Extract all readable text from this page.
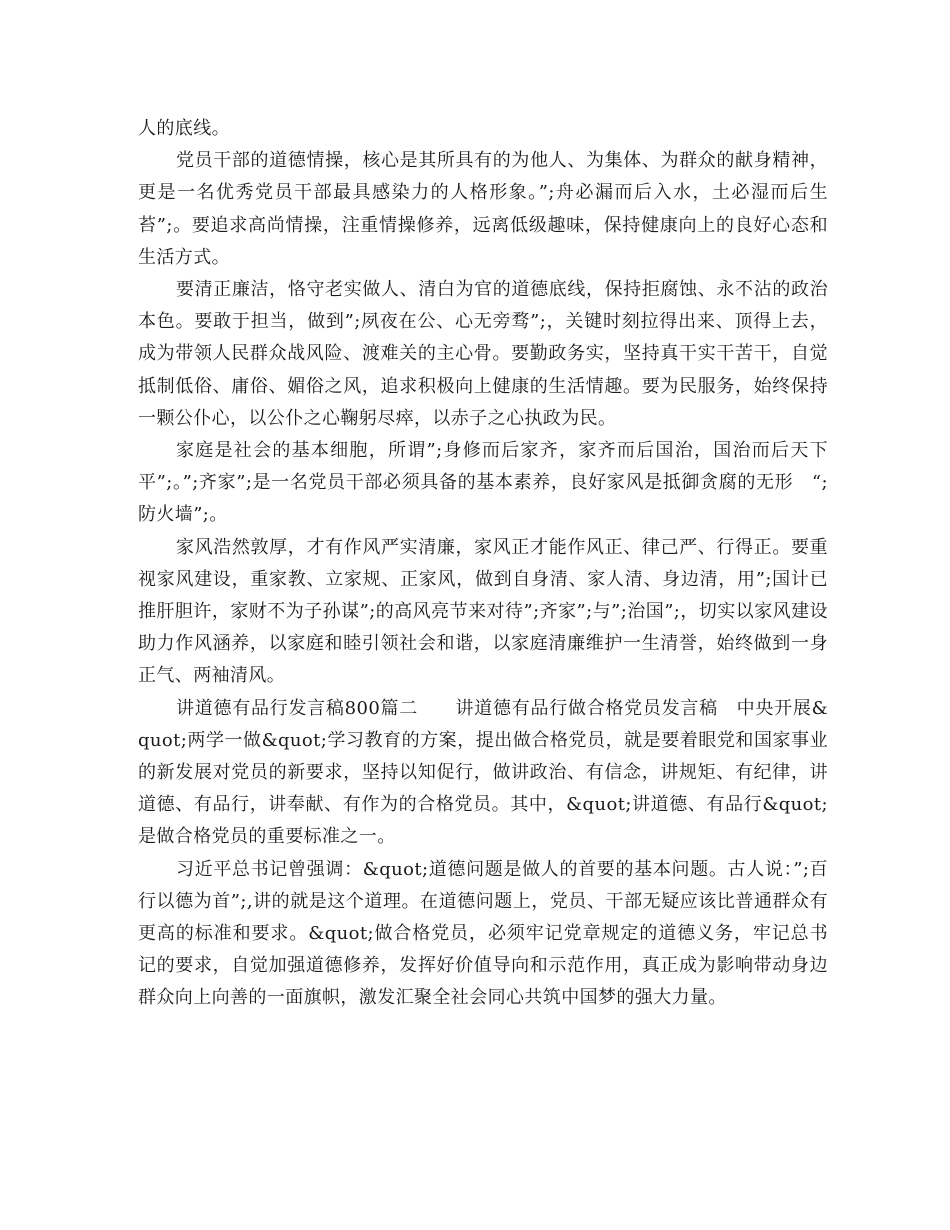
人的底线。

党员干部的道德情操，核心是其所具有的为他人、为集体、为群众的献身精神，更是一名优秀党员干部最具感染力的人格形象。”;舟必漏而后入水，土必湿而后生苔”;。要追求高尚情操，注重情操修养，远离低级趣味，保持健康向上的良好心态和生活方式。

要清正廉洁，恪守老实做人、清白为官的道德底线，保持拒腐蚀、永不沾的政治本色。要敢于担当，做到”;夙夜在公、心无旁骛”;，关键时刻拉得出来、顶得上去，成为带领人民群众战风险、渡难关的主心骨。要勤政务实，坚持真干实干苦干，自觉抵制低俗、庸俗、媚俗之风，追求积极向上健康的生活情趣。要为民服务，始终保持一颗公仆心，以公仆之心鞠躬尽瘁，以赤子之心执政为民。

家庭是社会的基本细胞，所谓”;身修而后家齐，家齐而后国治，国治而后天下平”;。”;齐家”;是一名党员干部必须具备的基本素养，良好家风是抵御贪腐的无形　“;防火墙”;。

家风浩然敦厚，才有作风严实清廉，家风正才能作风正、律己严、行得正。要重视家风建设，重家教、立家规、正家风，做到自身清、家人清、身边清，用”;国计已推肝胆许，家财不为子孙谋”;的高风亮节来对待”;齐家”;与”;治国”;，切实以家风建设助力作风涵养，以家庭和睦引领社会和谐，以家庭清廉维护一生清誉，始终做到一身正气、两袖清风。

讲道德有品行发言稿800篇二　　讲道德有品行做合格党员发言稿　中央开展&quot;两学一做&quot;学习教育的方案，提出做合格党员，就是要着眼党和国家事业的新发展对党员的新要求，坚持以知促行，做讲政治、有信念，讲规矩、有纪律，讲道德、有品行，讲奉献、有作为的合格党员。其中，&quot;讲道德、有品行&quot;是做合格党员的重要标准之一。

习近平总书记曾强调：&quot;道德问题是做人的首要的基本问题。古人说：”;百行以德为首”;,讲的就是这个道理。在道德问题上，党员、干部无疑应该比普通群众有更高的标准和要求。&quot;做合格党员，必须牢记党章规定的道德义务，牢记总书记的要求，自觉加强道德修养，发挥好价值导向和示范作用，真正成为影响带动身边群众向上向善的一面旗帜，激发汇聚全社会同心共筑中国梦的强大力量。
